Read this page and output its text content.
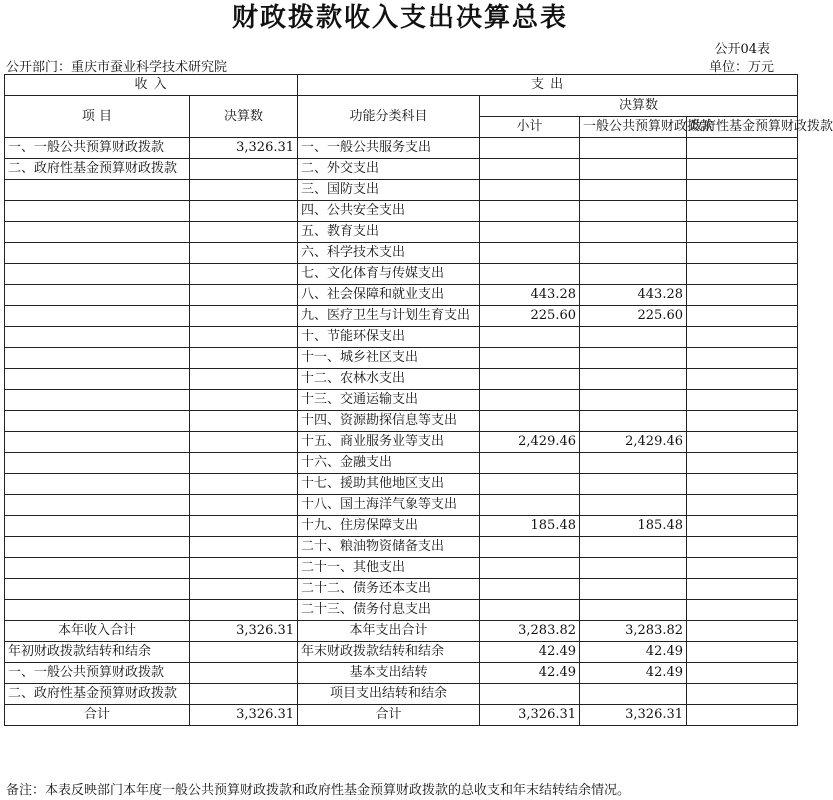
财政拨款收入支出决算总表
公开04表
公开部门：重庆市蚕业科学技术研究院	单位：万元
收 入		支 出			
项 目	决算数	功能分类科目	决算数		
			小计	一般公共预算财政拨款	政府性基金预算财政拨款

一、一般公共预算财政拨款	3,326.31	一、一般公共服务支出			
二、政府性基金预算财政拨款		二、外交支出			
		三、国防支出			
		四、公共安全支出			
		五、教育支出			
		六、科学技术支出			
		七、文化体育与传媒支出			
		八、社会保障和就业支出	443.28	443.28	
		九、医疗卫生与计划生育支出	225.60	225.60	
		十、节能环保支出			
		十一、城乡社区支出			
		十二、农林水支出			
		十三、交通运输支出			
		十四、资源勘探信息等支出			
		十五、商业服务业等支出	2,429.46	2,429.46	
		十六、金融支出			
		十七、援助其他地区支出			
		十八、国土海洋气象等支出			
		十九、住房保障支出	185.48	185.48	
		二十、粮油物资储备支出			
		二十一、其他支出			
		二十二、债务还本支出			
		二十三、债务付息支出			
本年收入合计	3,326.31	本年支出合计	3,283.82	3,283.82	
年初财政拨款结转和结余		年末财政拨款结转和结余	42.49	42.49	
一、一般公共预算财政拨款		基本支出结转	42.49	42.49	
二、政府性基金预算财政拨款		项目支出结转和结余			
合计	3,326.31	合计	3,326.31	3,326.31	
备注：本表反映部门本年度一般公共预算财政拨款和政府性基金预算财政拨款的总收支和年末结转结余情况。
